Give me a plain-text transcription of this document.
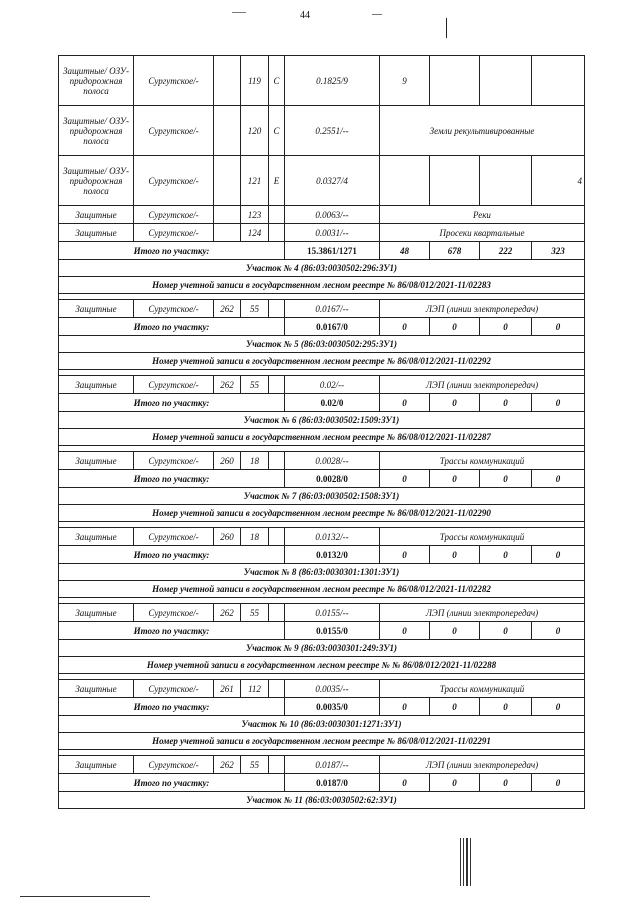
44
Защитные/ ОЗУ- придорожная полоса	Сургутское/-		119	С	0.1825/9	9			
Защитные/ ОЗУ- придорожная полоса	Сургутское/-		120	С	0.2551/--	Земли рекультивированные			
Защитные/ ОЗУ- придорожная полоса	Сургутское/-		121	Е	0.0327/4				4
Защитные	Сургутское/-		123		0.0063/--	Реки			
Защитные	Сургутское/-		124		0.0031/--	Просеки квартальные			
Итого по участку:					15.3861/1271	48	678	222	323
Участок № 4 (86:03:0030502:296:ЗУ1)									
Номер учетной записи в государственном лесном реестре № 86/08/012/2021-11/02283									

Защитные	Сургутское/-	262	55		0.0167/--	ЛЭП (линии электропередач)			
Итого по участку:					0.0167/0	0	0	0	0
Участок № 5 (86:03:0030502:295:ЗУ1)									
Номер учетной записи в государственном лесном реестре № 86/08/012/2021-11/02292									

Защитные	Сургутское/-	262	55		0.02/--	ЛЭП (линии электропередач)			
Итого по участку:					0.02/0	0	0	0	0
Участок № 6 (86:03:0030502:1509:ЗУ1)									
Номер учетной записи в государственном лесном реестре № 86/08/012/2021-11/02287									

Защитные	Сургутское/-	260	18		0.0028/--	Трассы коммуникаций			
Итого по участку:					0.0028/0	0	0	0	0
Участок № 7 (86:03:0030502:1508:ЗУ1)									
Номер учетной записи в государственном лесном реестре № 86/08/012/2021-11/02290									

Защитные	Сургутское/-	260	18		0.0132/--	Трассы коммуникаций			
Итого по участку:					0.0132/0	0	0	0	0
Участок № 8 (86:03:0030301:1301:ЗУ1)									
Номер учетной записи в государственном лесном реестре № 86/08/012/2021-11/02282									

Защитные	Сургутское/-	262	55		0.0155/--	ЛЭП (линии электропередач)			
Итого по участку:					0.0155/0	0	0	0	0
Участок № 9 (86:03:0030301:249:ЗУ1)									
Номер учетной записи в государственном лесном реестре № № 86/08/012/2021-11/02288									

Защитные	Сургутское/-	261	112		0.0035/--	Трассы коммуникаций			
Итого по участку:					0.0035/0	0	0	0	0
Участок № 10 (86:03:0030301:1271:ЗУ1)									
Номер учетной записи в государственном лесном реестре № 86/08/012/2021-11/02291									

Защитные	Сургутское/-	262	55		0.0187/--	ЛЭП (линии электропередач)			
Итого по участку:					0.0187/0	0	0	0	0
Участок № 11 (86:03:0030502:62:ЗУ1)									
